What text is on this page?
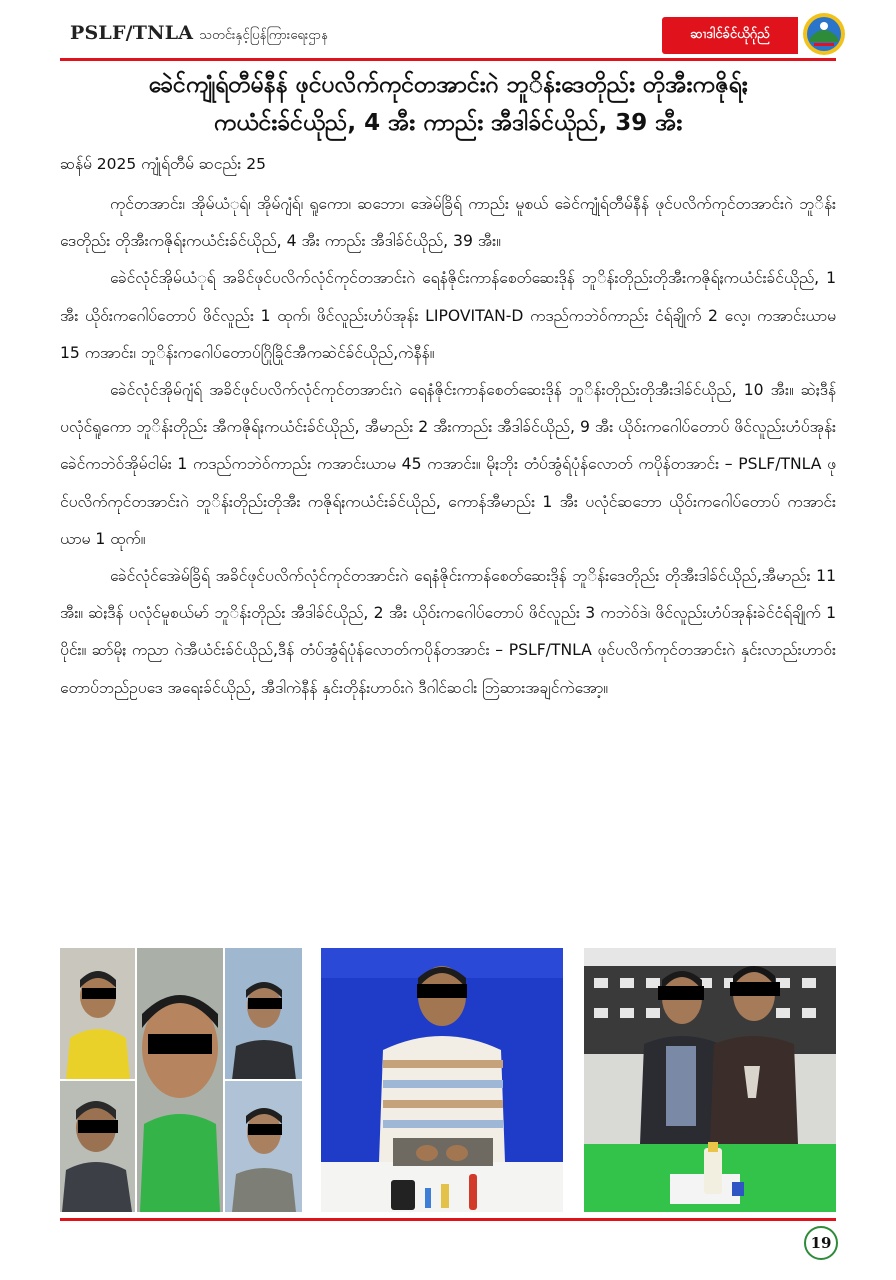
PSLF/TNLA သတင်းနှင့်ပြန်ကြားရေးဌာန	ဆၢဒါင်ခ်င်ယိုဂ်ုည်
ခေဲင်ကျုံရ်တီမ်နီန် ဖုင်ပလိက်ကုင်တအာင်းဂဲ ဘူိန်းဒေတိုည်း တိုအီးကဇိုရ်ႏ
ကယံင်းခ်င်ယိုည်, 4 အီး ကာည်း အီဒါခ်င်ယိုည်, 39 အီး
ဆန်မ် 2025 ကျုံရ်တီမ် ဆငည်း 25

ကုင်တအာင်း၊ အိုမ်ယံုရ်၊ အိုမ်ဂျံရ်၊ ရူကော၊ ဆဘော၊ အေဲမ်ခြိရ် ကာည်း မူစယ် ခေဲင်ကျုံရ်တီမ်နီန် ဖုင်ပလိက်ကုင်တအာင်းဂဲ ဘူိန်းဒေတိုည်း တိုအီးကဇိုရ်ႏကယံင်းခ်င်ယိုည်, 4 အီး ကာည်း အီဒါခ်င်ယိုည်, 39 အီး။

ခေဲင်လုံင်အိုမ်ယံုရ် အခိင်ဖုင်ပလိက်လုံင်ကုင်တအာင်းဂဲ ရေနံဇိုင်းကာန်စေတ်ဆေးဒိုန် ဘူိန်းတိုည်းတိုအီးကဇိုရ်ႏကယံင်းခ်င်ယိုည်, 1 အီး ယိုဝ်းကဂေါပ်တောပ် ဖိင်လူည်း 1 ထုက်၊ ဖိင်လူည်းဟံပ်အုန်း LIPOVITAN-D ကဒည်ကဘဲဝ်ကာည်း ငံရ်ချိုက် 2 လေ့၊ ကအာင်းယာမ 15 ကအာင်း၊ ဘူိန်းကဂေါပ်တောပ်ဂြိုခြိုင်အီကဆဲင်ခ်င်ယိုည်,ကဲနီန်။

ခေဲင်လုံင်အိုမ်ဂျံရ် အခိင်ဖုင်ပလိက်လုံင်ကုင်တအာင်းဂဲ ရေနံဇိုင်းကာန်စေတ်ဆေးဒိုန် ဘူိန်းတိုည်းတိုအီးဒါခ်င်ယိုည်, 10 အီး။ ဆဲႏဒီန် ပလုံင်ရူကော ဘူိန်းတိုည်း အီကဇိုရ်ႏကယံင်းခ်င်ယိုည်, အီမာည်း 2 အီးကာည်း အီဒါခ်င်ယိုည်, 9 အီး ယိုဝ်းကဂေါပ်တောပ် ဖိင်လူည်းဟံပ်အုန်း ခေဲင်ကဘဲဝ်အိုမ်ငါမ်း 1 ကဒည်ကဘဲဝ်ကာည်း ကအာင်းယာမ 45 ကအာင်း။ မိုႏဘိုး တံပ်အွံရ်ပုံန်လောတ် ကပိုန်တအာင်း – PSLF/TNLA ဖုင်ပလိက်ကုင်တအာင်းဂဲ ဘူိန်းတိုည်းတိုအီး ကဇိုရ်ႏကယံင်းခ်င်ယိုည်, ကောန်အီမာည်း 1 အီး ပလုံင်ဆဘော ယိုဝ်းကဂေါပ်တောပ် ကအာင်းယာမ 1 ထုက်။

ခေဲင်လုံင်အေဲမ်ခြိရ် အခိင်ဖုင်ပလိက်လုံင်ကုင်တအာင်းဂဲ ရေနံဇိုင်းကာန်စေတ်ဆေးဒိုန် ဘူိန်းဒေတိုည်း တိုအီးဒါခ်င်ယိုည်,အီမာည်း 11 အီး။ ဆဲႏဒီန် ပလုံင်မူစယ်မာ် ဘူိန်းတိုည်း အီဒါခ်င်ယိုည်, 2 အီး ယိုဝ်းကဂေါပ်တောပ် ဖိင်လူည်း 3 ကဘဲဝ်ဒဲ၊ ဖိင်လူည်းဟံပ်အုန်းခဲင်ငံရ်ချိုက် 1 ပိုင်း။ ဆာ်မိုႏ ကညာ ဂဲအီယံင်းခ်င်ယိုည်,ဒီန် တံပ်အွံရ်ပုံန်လောတ်ကပိုန်တအာင်း – PSLF/TNLA ဖုင်ပလိက်ကုင်တအာင်းဂဲ နှင်းလာည်းဟာဝ်းတောပ်ဘည်ဥပဒေ အရေးခ်င်ယိုည်, အီဒါကဲနီန် နှင်းတိုန်းဟာဝ်းဂဲ ဒီဂါင်ဆငါး ဘြဲဆားအချင်ကဲအော့။

19
